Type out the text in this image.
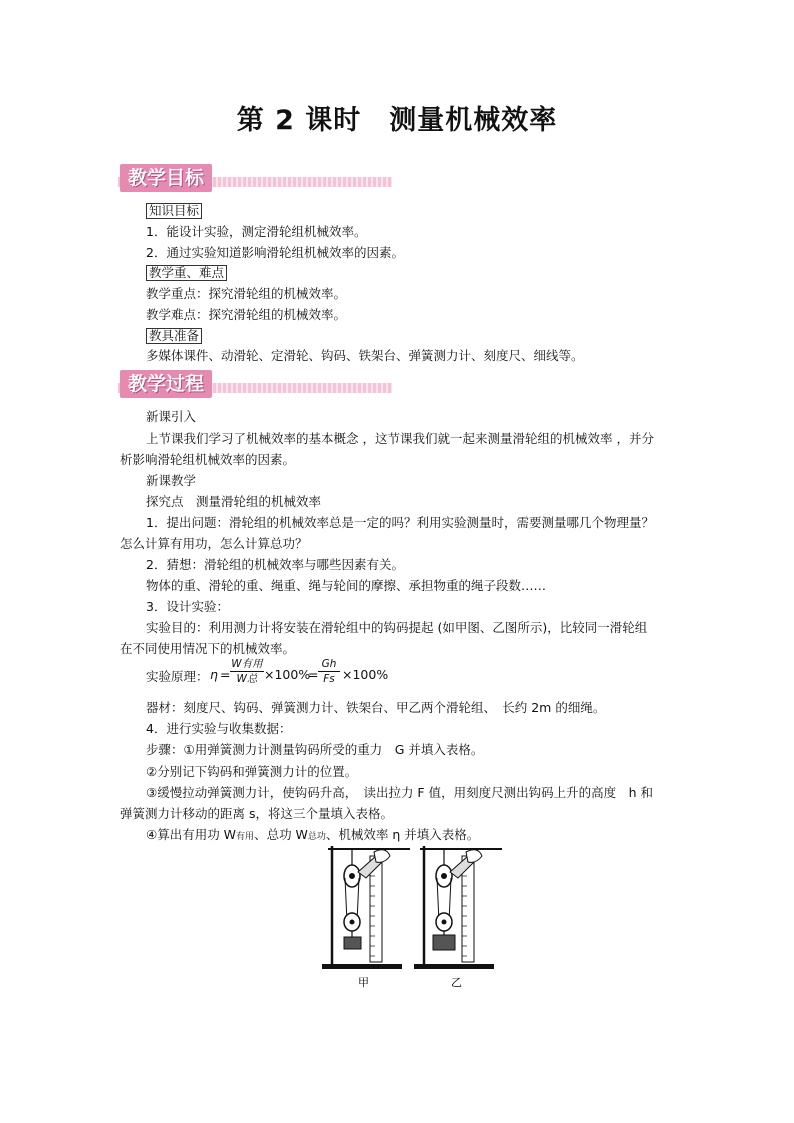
第 2 课时　测量机械效率
教学目标
知识目标
1．能设计实验，测定滑轮组机械效率。
2．通过实验知道影响滑轮组机械效率的因素。
教学重、难点
教学重点：探究滑轮组的机械效率。
教学难点：探究滑轮组的机械效率。
教具准备
多媒体课件、动滑轮、定滑轮、钩码、铁架台、弹簧测力计、刻度尺、细线等。
教学过程
新课引入
上节课我们学习了机械效率的基本概念 ，这节课我们就一起来测量滑轮组的机械效率 ，并分
析影响滑轮组机械效率的因素。
新课教学
探究点　测量滑轮组的机械效率
1．提出问题：滑轮组的机械效率总是一定的吗？利用实验测量时，需要测量哪几个物理量？
怎么计算有用功，怎么计算总功？
2．猜想：滑轮组的机械效率与哪些因素有关。
物体的重、滑轮的重、绳重、绳与轮间的摩擦、承担物重的绳子段数……
3．设计实验：
实验目的：利用测力计将安装在滑轮组中的钩码提起 (如甲图、乙图所示)，比较同一滑轮组
在不同使用情况下的机械效率。
实验原理： η =
W有用
W总 ×100%
=
Gh
Fs ×100%
器材：刻度尺、钩码、弹簧测力计、铁架台、甲乙两个滑轮组、　长约 2m 的细绳。
4．进行实验与收集数据：
步骤：①用弹簧测力计测量钩码所受的重力　G 并填入表格。
②分别记下钩码和弹簧测力计的位置。
③缓慢拉动弹簧测力计，使钩码升高，　读出拉力 F 值，用刻度尺测出钩码上升的高度　h 和
弹簧测力计移动的距离 s，将这三个量填入表格。
④算出有用功 W有用、总功 W总功、机械效率 η 并填入表格。
甲	乙
